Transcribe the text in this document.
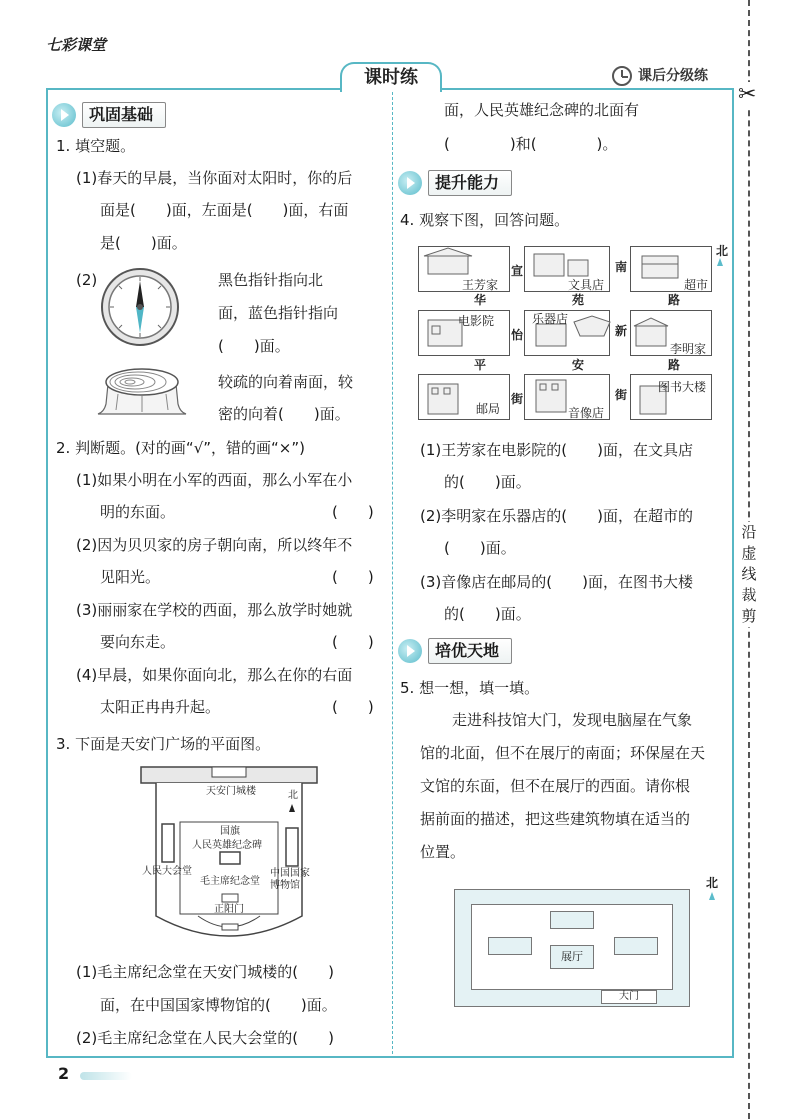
七彩课堂
课时练	课后分级练
✂
沿虚线裁剪
巩固基础
1. 填空题。
(1)春天的早晨，当你面对太阳时，你的后
面是(　　)面，左面是(　　)面，右面
是(　　)面。
(2)	黑色指针指向北
面，蓝色指针指向
(　　)面。
较疏的向着南面，较
密的向着(　　)面。
2. 判断题。(对的画“√”，错的画“×”)
(1)如果小明在小军的西面，那么小军在小
明的东面。	(　　)
(2)因为贝贝家的房子朝向南，所以终年不
见阳光。	(　　)
(3)丽丽家在学校的西面，那么放学时她就
要向东走。	(　　)
(4)早晨，如果你面向北，那么在你的右面
太阳正冉冉升起。	(　　)
3. 下面是天安门广场的平面图。
天安门城楼	北
国旗
人民英雄纪念碑
毛主席纪念堂
正阳门
人民大会堂	中国国家
博物馆
(1)毛主席纪念堂在天安门城楼的(　　)
面，在中国国家博物馆的(　　)面。
(2)毛主席纪念堂在人民大会堂的(　　)
面，人民英雄纪念碑的北面有
(　　　　)和(　　　　)。
提升能力
4. 观察下图，回答问题。
王芳家	文具店	超市
电影院	乐器店
李明家
邮局	音像店
图书大楼
北
华	苑	路
平	安	路
宣
怡
街
南
新
街
(1)王芳家在电影院的(　　)面，在文具店
的(　　)面。
(2)李明家在乐器店的(　　)面，在超市的
(　　)面。
(3)音像店在邮局的(　　)面，在图书大楼
的(　　)面。
培优天地
5. 想一想，填一填。
走进科技馆大门，发现电脑屋在气象
馆的北面，但不在展厅的南面；环保屋在天
文馆的东面，但不在展厅的西面。请你根
据前面的描述，把这些建筑物填在适当的
位置。
北
展厅
大门
2
